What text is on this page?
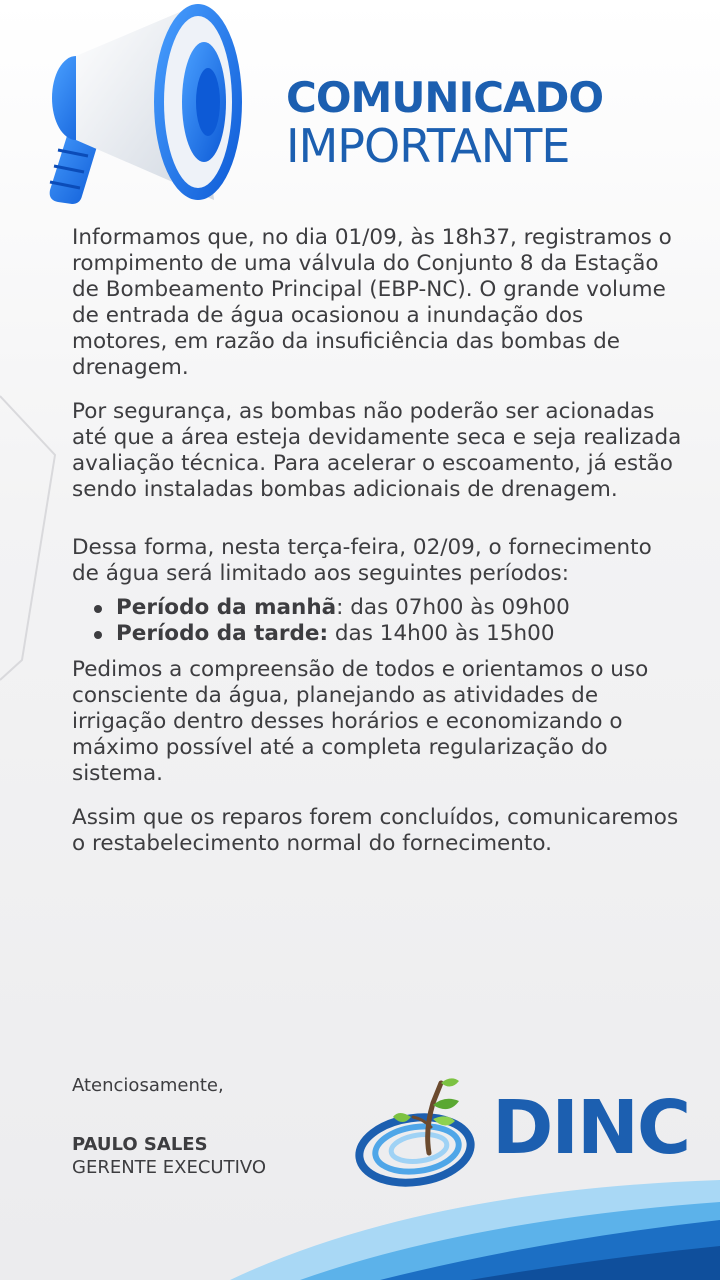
COMUNICADO
IMPORTANTE

Informamos que, no dia 01/09, às 18h37, registramos o rompimento de uma válvula do Conjunto 8 da Estação de Bombeamento Principal (EBP-NC). O grande volume de entrada de água ocasionou a inundação dos motores, em razão da insuficiência das bombas de drenagem.

Por segurança, as bombas não poderão ser acionadas até que a área esteja devidamente seca e seja realizada avaliação técnica. Para acelerar o escoamento, já estão sendo instaladas bombas adicionais de drenagem.

Dessa forma, nesta terça-feira, 02/09, o fornecimento de água será limitado aos seguintes períodos:

Período da manhã: das 07h00 às 09h00
Período da tarde: das 14h00 às 15h00

Pedimos a compreensão de todos e orientamos o uso consciente da água, planejando as atividades de irrigação dentro desses horários e economizando o máximo possível até a completa regularização do sistema.

Assim que os reparos forem concluídos, comunicaremos o restabelecimento normal do fornecimento.

Atenciosamente,
PAULO SALES
GERENTE EXECUTIVO	DINC
